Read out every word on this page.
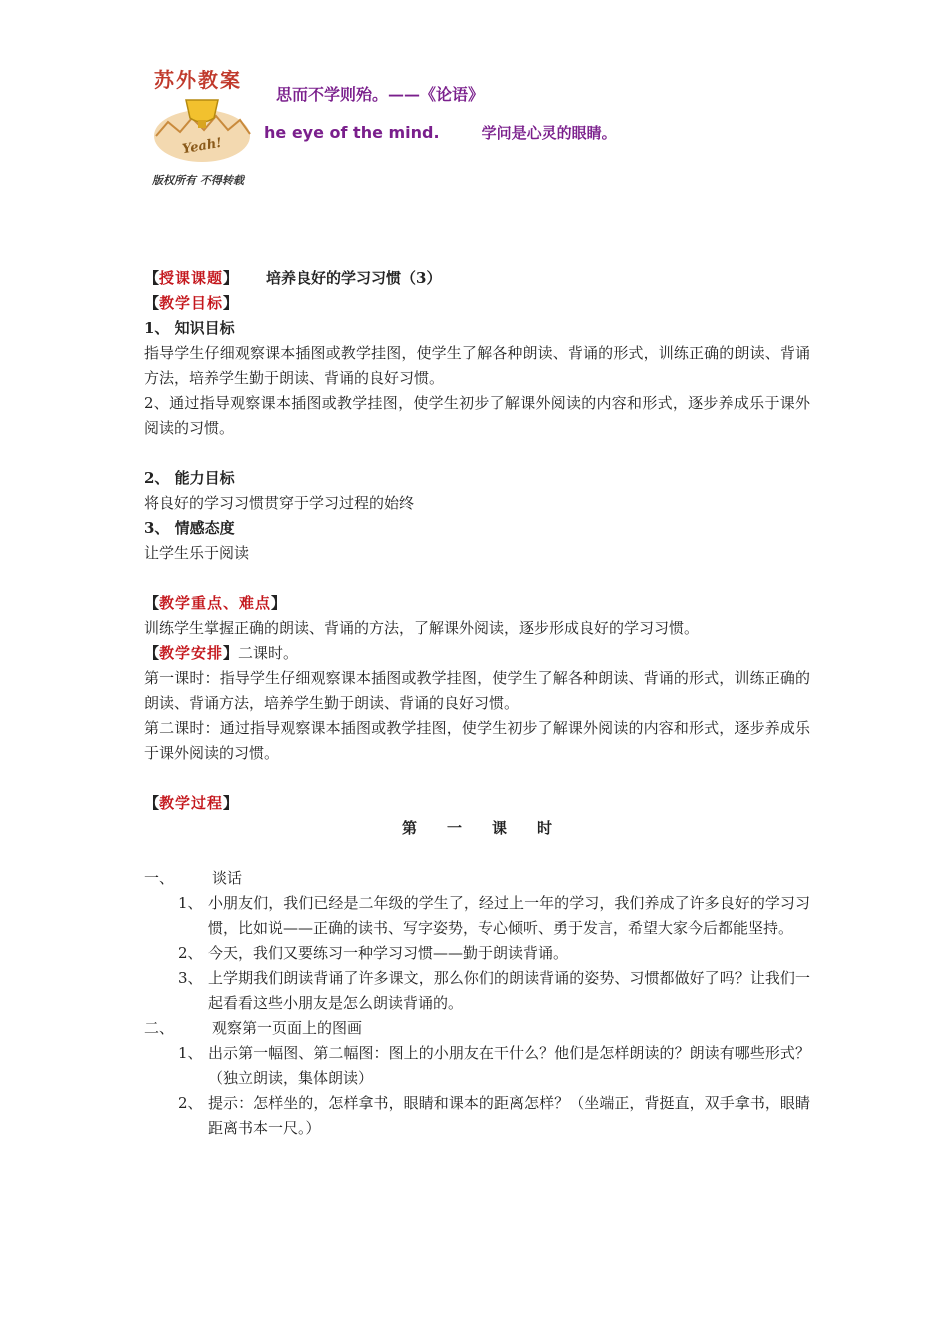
苏外教案
Yeah!
版权所有 不得转载
思而不学则殆。——《论语》
he eye of the mind.	学问是心灵的眼睛。
【授课课题】 培养良好的学习习惯（3）
【教学目标】
1、 知识目标
指导学生仔细观察课本插图或教学挂图，使学生了解各种朗读、背诵的形式，训练正确的朗读、背诵方法，培养学生勤于朗读、背诵的良好习惯。
2、通过指导观察课本插图或教学挂图，使学生初步了解课外阅读的内容和形式，逐步养成乐于课外阅读的习惯。
2、 能力目标
将良好的学习习惯贯穿于学习过程的始终
3、 情感态度
让学生乐于阅读
【教学重点、难点】
训练学生掌握正确的朗读、背诵的方法，了解课外阅读，逐步形成良好的学习习惯。
【教学安排】二课时。
第一课时：指导学生仔细观察课本插图或教学挂图，使学生了解各种朗读、背诵的形式，训练正确的朗读、背诵方法，培养学生勤于朗读、背诵的良好习惯。
第二课时：通过指导观察课本插图或教学挂图，使学生初步了解课外阅读的内容和形式，逐步养成乐于课外阅读的习惯。
【教学过程】
第一课时
一、	谈话
1、 小朋友们，我们已经是二年级的学生了，经过上一年的学习，我们养成了许多良好的学习习惯，比如说——正确的读书、写字姿势，专心倾听、勇于发言，希望大家今后都能坚持。
2、 今天，我们又要练习一种学习习惯——勤于朗读背诵。
3、 上学期我们朗读背诵了许多课文，那么你们的朗读背诵的姿势、习惯都做好了吗？让我们一起看看这些小朋友是怎么朗读背诵的。
二、	观察第一页面上的图画
1、 出示第一幅图、第二幅图：图上的小朋友在干什么？他们是怎样朗读的？朗读有哪些形式？（独立朗读，集体朗读）
2、 提示：怎样坐的，怎样拿书，眼睛和课本的距离怎样？（坐端正，背挺直，双手拿书，眼睛距离书本一尺。）
